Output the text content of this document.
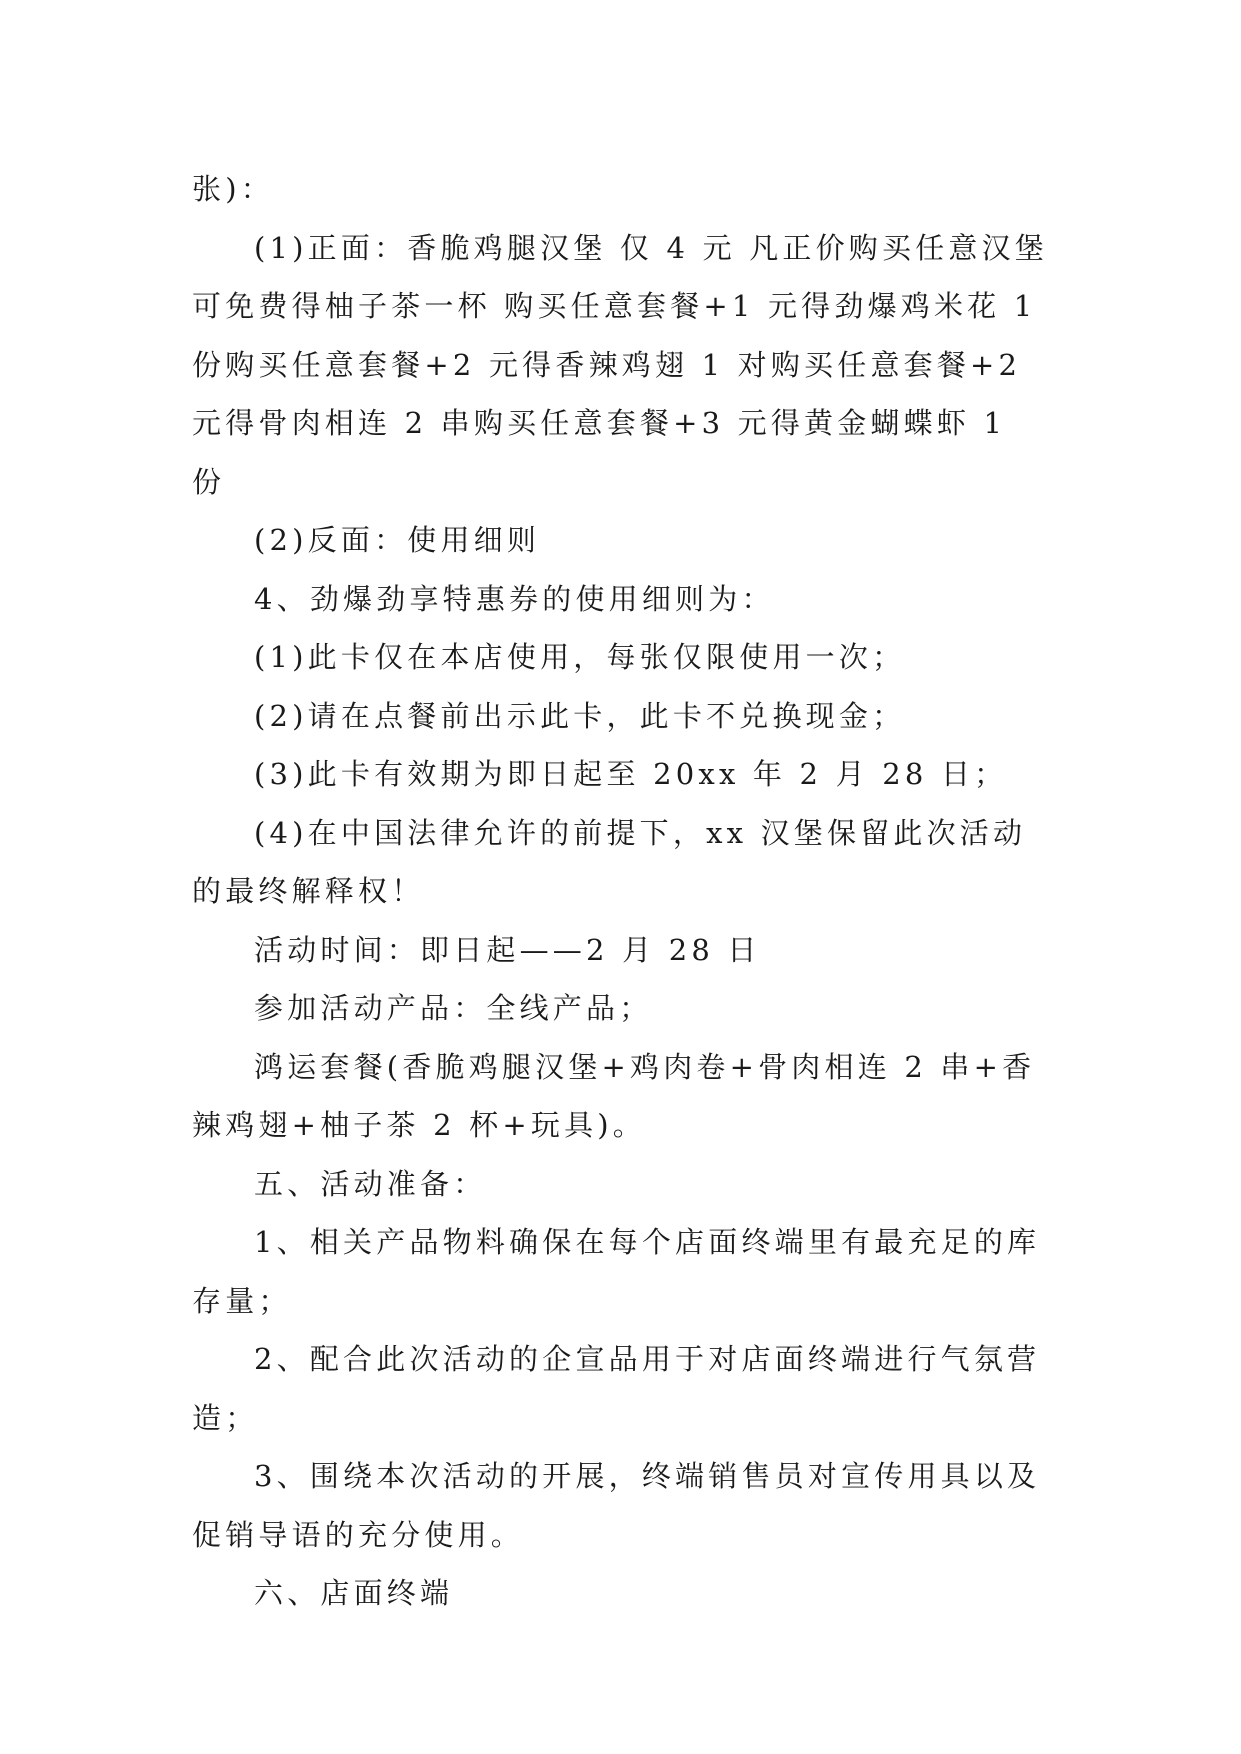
张)：

(1)正面：香脆鸡腿汉堡 仅 4 元 凡正价购买任意汉堡可免费得柚子茶一杯 购买任意套餐+1 元得劲爆鸡米花 1 份购买任意套餐+2 元得香辣鸡翅 1 对购买任意套餐+2 元得骨肉相连 2 串购买任意套餐+3 元得黄金蝴蝶虾 1 份

(2)反面：使用细则

4、劲爆劲享特惠券的使用细则为：

(1)此卡仅在本店使用，每张仅限使用一次；

(2)请在点餐前出示此卡，此卡不兑换现金；

(3)此卡有效期为即日起至 20xx 年 2 月 28 日；

(4)在中国法律允许的前提下，xx 汉堡保留此次活动的最终解释权！

活动时间：即日起——2 月 28 日

参加活动产品：全线产品；

鸿运套餐(香脆鸡腿汉堡+鸡肉卷+骨肉相连 2 串+香辣鸡翅+柚子茶 2 杯+玩具)。

五、活动准备：

1、相关产品物料确保在每个店面终端里有最充足的库存量；

2、配合此次活动的企宣品用于对店面终端进行气氛营造；

3、围绕本次活动的开展，终端销售员对宣传用具以及促销导语的充分使用。

六、店面终端
